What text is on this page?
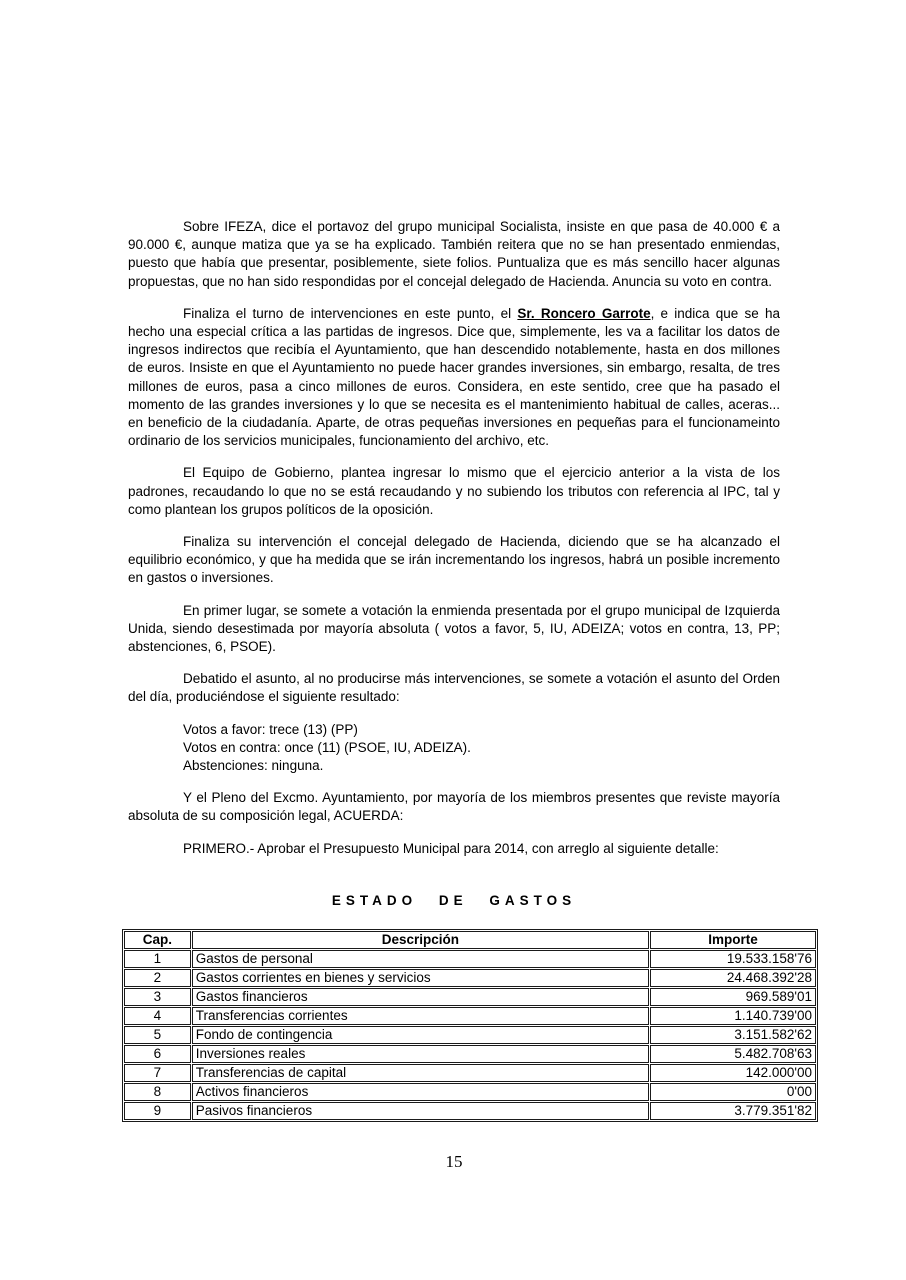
Sobre IFEZA, dice el portavoz del grupo municipal Socialista, insiste en que pasa de 40.000 € a 90.000 €, aunque matiza que ya se ha explicado. También reitera que no se han presentado enmiendas, puesto que había que presentar, posiblemente, siete folios. Puntualiza que es más sencillo hacer algunas propuestas, que no han sido respondidas por el concejal delegado de Hacienda. Anuncia su voto en contra.

Finaliza el turno de intervenciones en este punto, el Sr. Roncero Garrote, e indica que se ha hecho una especial crítica a las partidas de ingresos. Dice que, simplemente, les va a facilitar los datos de ingresos indirectos que recibía el Ayuntamiento, que han descendido notablemente, hasta en dos millones de euros. Insiste en que el Ayuntamiento no puede hacer grandes inversiones, sin embargo, resalta, de tres millones de euros, pasa a cinco millones de euros. Considera, en este sentido, cree que ha pasado el momento de las grandes inversiones y lo que se necesita es el mantenimiento habitual de calles, aceras... en beneficio de la ciudadanía. Aparte, de otras pequeñas inversiones en pequeñas para el funcionameinto ordinario de los servicios municipales, funcionamiento del archivo, etc.

El Equipo de Gobierno, plantea ingresar lo mismo que el ejercicio anterior a la vista de los padrones, recaudando lo que no se está recaudando y no subiendo los tributos con referencia al IPC, tal y como plantean los grupos políticos de la oposición.

Finaliza su intervención el concejal delegado de Hacienda, diciendo que se ha alcanzado el equilibrio económico, y que ha medida que se irán incrementando los ingresos, habrá un posible incremento en gastos o inversiones.

En primer lugar, se somete a votación la enmienda presentada por el grupo municipal de Izquierda Unida, siendo desestimada por mayoría absoluta ( votos a favor, 5, IU, ADEIZA; votos en contra, 13, PP; abstenciones, 6, PSOE).

Debatido el asunto, al no producirse más intervenciones, se somete a votación el asunto del Orden del día, produciéndose el siguiente resultado:

Votos a favor: trece (13) (PP)
Votos en contra: once (11) (PSOE, IU, ADEIZA).
Abstenciones: ninguna.

Y el Pleno del Excmo. Ayuntamiento, por mayoría de los miembros presentes que reviste mayoría absoluta de su composición legal, ACUERDA:

PRIMERO.- Aprobar el Presupuesto Municipal para 2014, con arreglo al siguiente detalle:

ESTADO DE GASTOS
Cap.	Descripción	Importe
1	Gastos de personal	19.533.158'76
2	Gastos corrientes en bienes y servicios	24.468.392'28
3	Gastos financieros	969.589'01
4	Transferencias corrientes	1.140.739'00
5	Fondo de contingencia	3.151.582'62
6	Inversiones reales	5.482.708'63
7	Transferencias de capital	142.000'00
8	Activos financieros	0'00
9	Pasivos financieros	3.779.351'82
15
